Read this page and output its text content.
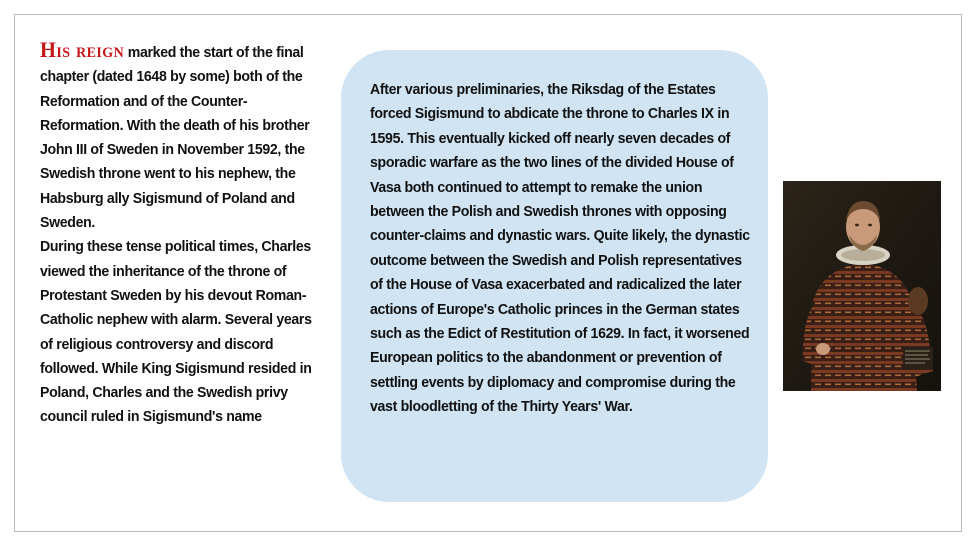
His reign marked the start of the final chapter (dated 1648 by some) both of the Reformation and of the Counter-Reformation. With the death of his brother John III of Sweden in November 1592, the Swedish throne went to his nephew, the Habsburg ally Sigismund of Poland and Sweden.

During these tense political times, Charles viewed the inheritance of the throne of Protestant Sweden by his devout Roman-Catholic nephew with alarm. Several years of religious controversy and discord followed. While King Sigismund resided in Poland, Charles and the Swedish privy council ruled in Sigismund's name

After various preliminaries, the Riksdag of the Estates forced Sigismund to abdicate the throne to Charles IX in 1595. This eventually kicked off nearly seven decades of sporadic warfare as the two lines of the divided House of Vasa both continued to attempt to remake the union between the Polish and Swedish thrones with opposing counter-claims and dynastic wars. Quite likely, the dynastic outcome between the Swedish and Polish representatives of the House of Vasa exacerbated and radicalized the later actions of Europe's Catholic princes in the German states such as the Edict of Restitution of 1629. In fact, it worsened European politics to the abandonment or prevention of settling events by diplomacy and compromise during the vast bloodletting of the Thirty Years' War.
